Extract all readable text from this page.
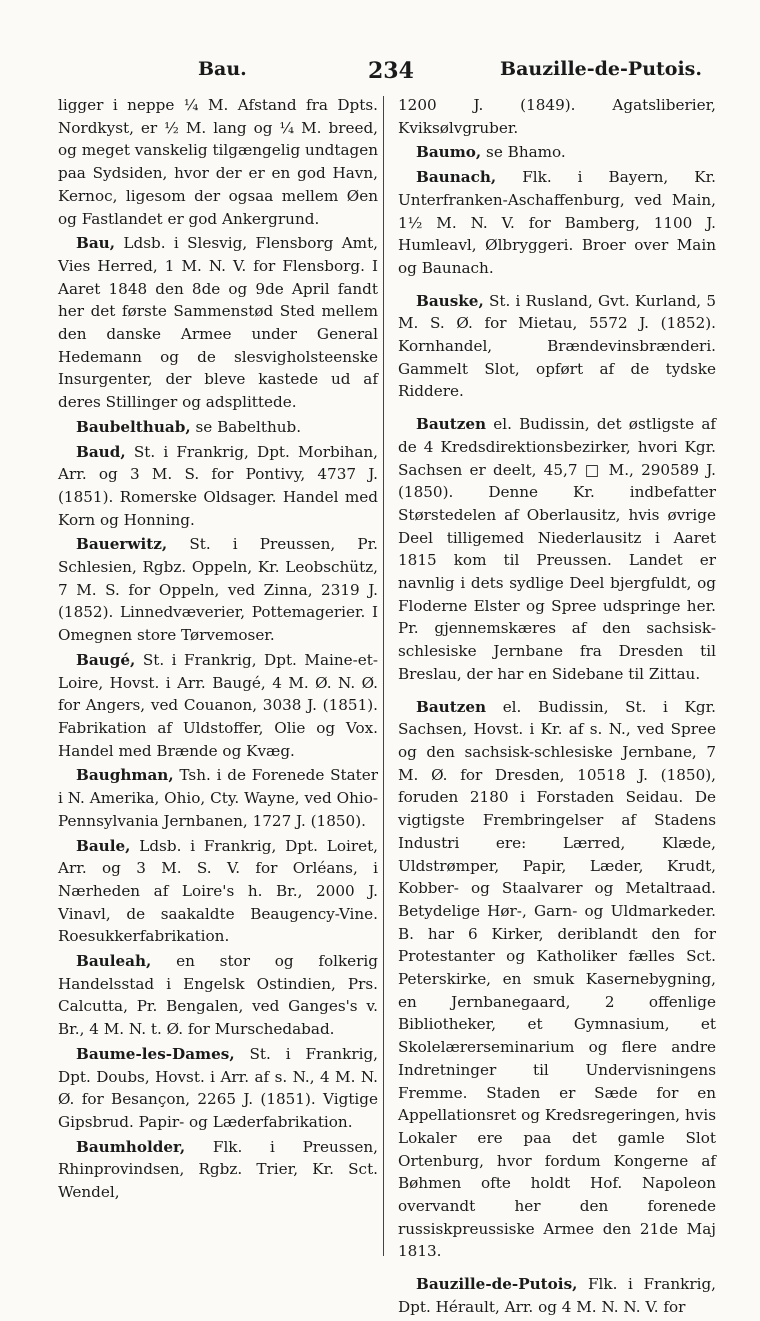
Bau.	234	Bauzille-de-Putois.

ligger i neppe ¼ M. Afstand fra Dpts. Nordkyst, er ½ M. lang og ¼ M. breed, og meget vanskelig tilgængelig undtagen paa Sydsiden, hvor der er en god Havn, Kernoc, ligesom der ogsaa mellem Øen og Fastlandet er god Ankergrund.

Bau, Ldsb. i Slesvig, Flensborg Amt, Vies Herred, 1 M. N. V. for Flensborg. I Aaret 1848 den 8de og 9de April fandt her det første Sammenstød Sted mellem den danske Armee under General Hedemann og de slesvigholsteenske Insurgenter, der bleve kastede ud af deres Stillinger og adsplittede.

Baubelthuab, se Babelthub.

Baud, St. i Frankrig, Dpt. Morbihan, Arr. og 3 M. S. for Pontivy, 4737 J. (1851). Romerske Oldsager. Handel med Korn og Honning.

Bauerwitz, St. i Preussen, Pr. Schlesien, Rgbz. Oppeln, Kr. Leobschütz, 7 M. S. for Oppeln, ved Zinna, 2319 J. (1852). Linnedvæverier, Pottemagerier. I Omegnen store Tørvemoser.

Baugé, St. i Frankrig, Dpt. Maine-et-Loire, Hovst. i Arr. Baugé, 4 M. Ø. N. Ø. for Angers, ved Couanon, 3038 J. (1851). Fabrikation af Uldstoffer, Olie og Vox. Handel med Brænde og Kvæg.

Baughman, Tsh. i de Forenede Stater i N. Amerika, Ohio, Cty. Wayne, ved Ohio-Pennsylvania Jernbanen, 1727 J. (1850).

Baule, Ldsb. i Frankrig, Dpt. Loiret, Arr. og 3 M. S. V. for Orléans, i Nærheden af Loire's h. Br., 2000 J. Vinavl, de saakaldte Beaugency-Vine. Roesukkerfabrikation.

Bauleah, en stor og folkerig Handelsstad i Engelsk Ostindien, Prs. Calcutta, Pr. Bengalen, ved Ganges's v. Br., 4 M. N. t. Ø. for Murschedabad.

Baume-les-Dames, St. i Frankrig, Dpt. Doubs, Hovst. i Arr. af s. N., 4 M. N. Ø. for Besançon, 2265 J. (1851). Vigtige Gipsbrud. Papir- og Læderfabrikation.

Baumholder, Flk. i Preussen, Rhinprovindsen, Rgbz. Trier, Kr. Sct. Wendel,

1200 J. (1849). Agatsliberier, Kviksølvgruber.

Baumo, se Bhamo.

Baunach, Flk. i Bayern, Kr. Unterfranken-Aschaffenburg, ved Main, 1½ M. N. V. for Bamberg, 1100 J. Humleavl, Ølbryggeri. Broer over Main og Baunach.

Bauske, St. i Rusland, Gvt. Kurland, 5 M. S. Ø. for Mietau, 5572 J. (1852). Kornhandel, Brændevinsbrænderi. Gammelt Slot, opført af de tydske Riddere.

Bautzen el. Budissin, det østligste af de 4 Kredsdirektionsbezirker, hvori Kgr. Sachsen er deelt, 45,7 □ M., 290589 J. (1850). Denne Kr. indbefatter Størstedelen af Oberlausitz, hvis øvrige Deel tilligemed Niederlausitz i Aaret 1815 kom til Preussen. Landet er navnlig i dets sydlige Deel bjergfuldt, og Floderne Elster og Spree udspringe her. Pr. gjennemskæres af den sachsisk-schlesiske Jernbane fra Dresden til Breslau, der har en Sidebane til Zittau.

Bautzen el. Budissin, St. i Kgr. Sachsen, Hovst. i Kr. af s. N., ved Spree og den sachsisk-schlesiske Jernbane, 7 M. Ø. for Dresden, 10518 J. (1850), foruden 2180 i Forstaden Seidau. De vigtigste Frembringelser af Stadens Industri ere: Lærred, Klæde, Uldstrømper, Papir, Læder, Krudt, Kobber- og Staalvarer og Metaltraad. Betydelige Hør-, Garn- og Uldmarkeder. B. har 6 Kirker, deriblandt den for Protestanter og Katholiker fælles Sct. Peterskirke, en smuk Kasernebygning, en Jernbanegaard, 2 offenlige Bibliotheker, et Gymnasium, et Skolelærerseminarium og flere andre Indretninger til Undervisningens Fremme. Staden er Sæde for en Appellationsret og Kredsregeringen, hvis Lokaler ere paa det gamle Slot Ortenburg, hvor fordum Kongerne af Bøhmen ofte holdt Hof. Napoleon overvandt her den forenede russiskpreussiske Armee den 21de Maj 1813.

Bauzille-de-Putois, Flk. i Frankrig, Dpt. Hérault, Arr. og 4 M. N. N. V. for
